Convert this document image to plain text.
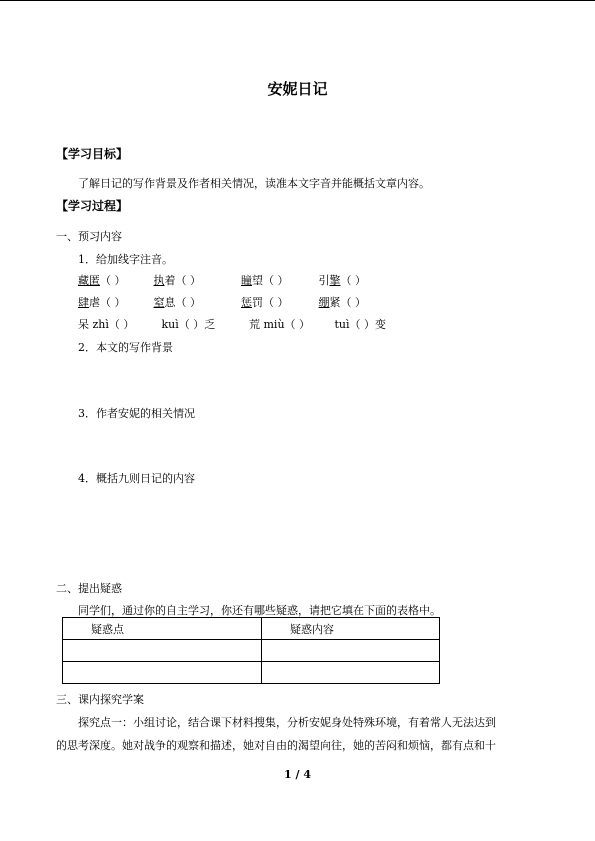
安妮日记
【学习目标】
了解日记的写作背景及作者相关情况，读准本文字音并能概括文章内容。
【学习过程】
一、预习内容
1．给加线字注音。
藏匿（ ）	执着（ ）	瞳望（ ）	引擎（ ）
肆虐（ ）	窒息（ ）	惩罚（ ）	绷紧（ ）
呆 zhì（ ） kuì（ ）乏	荒 miù（ ） tuì（ ）变
2．本文的写作背景
3．作者安妮的相关情况
4．概括九则日记的内容
二、提出疑惑
同学们，通过你的自主学习，你还有哪些疑惑，请把它填在下面的表格中。
疑惑点	疑惑内容

三、课内探究学案
探究点一：小组讨论，结合课下材料搜集，分析安妮身处特殊环境，有着常人无法达到
的思考深度。她对战争的观察和描述，她对自由的渴望向往，她的苦闷和烦恼，都有点和十
1 / 4
